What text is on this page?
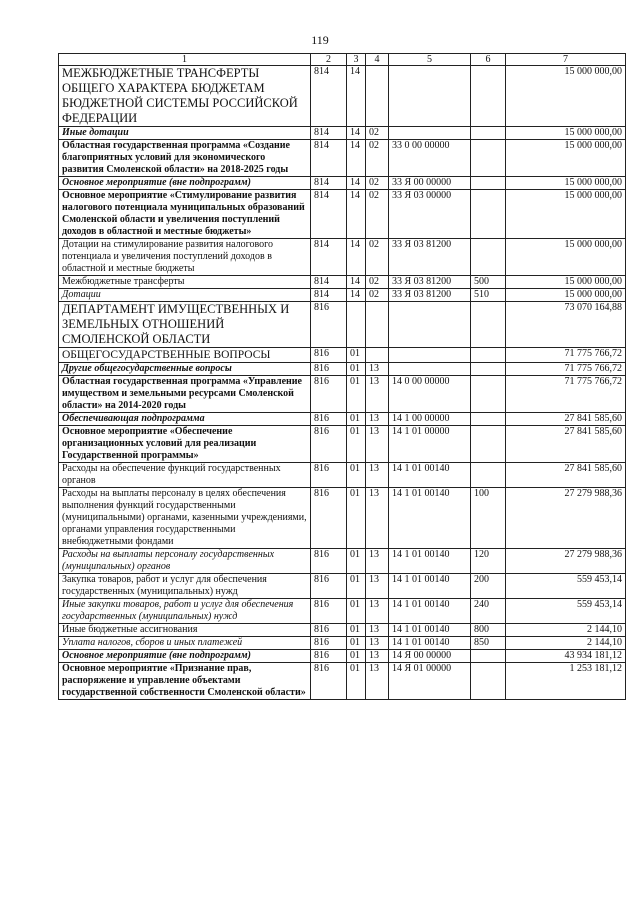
119
1	2	3	4	5	6	7
МЕЖБЮДЖЕТНЫЕ ТРАНСФЕРТЫ ОБЩЕГО ХАРАКТЕРА БЮДЖЕТАМ БЮДЖЕТНОЙ СИСТЕМЫ РОССИЙСКОЙ ФЕДЕРАЦИИ	814	14				15 000 000,00
Иные дотации	814	14	02			15 000 000,00
Областная государственная программа «Создание благоприятных условий для экономического развития Смоленской области» на 2018-2025 годы	814	14	02	33 0 00 00000		15 000 000,00
Основное мероприятие (вне подпрограмм)	814	14	02	33 Я 00 00000		15 000 000,00
Основное мероприятие «Стимулирование развития налогового потенциала муниципальных образований Смоленской области и увеличения поступлений доходов в областной и местные бюджеты»	814	14	02	33 Я 03 00000		15 000 000,00
Дотации на стимулирование развития налогового потенциала и увеличения поступлений доходов в областной и местные бюджеты	814	14	02	33 Я 03 81200		15 000 000,00
Межбюджетные трансферты	814	14	02	33 Я 03 81200	500	15 000 000,00
Дотации	814	14	02	33 Я 03 81200	510	15 000 000,00
ДЕПАРТАМЕНТ ИМУЩЕСТВЕННЫХ И ЗЕМЕЛЬНЫХ ОТНОШЕНИЙ СМОЛЕНСКОЙ ОБЛАСТИ	816					73 070 164,88
ОБЩЕГОСУДАРСТВЕННЫЕ ВОПРОСЫ	816	01				71 775 766,72
Другие общегосударственные вопросы	816	01	13			71 775 766,72
Областная государственная программа «Управление имуществом и земельными ресурсами Смоленской области» на 2014-2020 годы	816	01	13	14 0 00 00000		71 775 766,72
Обеспечивающая подпрограмма	816	01	13	14 1 00 00000		27 841 585,60
Основное мероприятие «Обеспечение организационных условий для реализации Государственной программы»	816	01	13	14 1 01 00000		27 841 585,60
Расходы на обеспечение функций государственных органов	816	01	13	14 1 01 00140		27 841 585,60
Расходы на выплаты персоналу в целях обеспечения выполнения функций государственными (муниципальными) органами, казенными учреждениями, органами управления государственными внебюджетными фондами	816	01	13	14 1 01 00140	100	27 279 988,36
Расходы на выплаты персоналу государственных (муниципальных) органов	816	01	13	14 1 01 00140	120	27 279 988,36
Закупка товаров, работ и услуг для обеспечения государственных (муниципальных) нужд	816	01	13	14 1 01 00140	200	559 453,14
Иные закупки товаров, работ и услуг для обеспечения государственных (муниципальных) нужд	816	01	13	14 1 01 00140	240	559 453,14
Иные бюджетные ассигнования	816	01	13	14 1 01 00140	800	2 144,10
Уплата налогов, сборов и иных платежей	816	01	13	14 1 01 00140	850	2 144,10
Основное мероприятие (вне подпрограмм)	816	01	13	14 Я 00 00000		43 934 181,12
Основное мероприятие «Признание прав, распоряжение и управление объектами государственной собственности Смоленской области»	816	01	13	14 Я 01 00000		1 253 181,12
